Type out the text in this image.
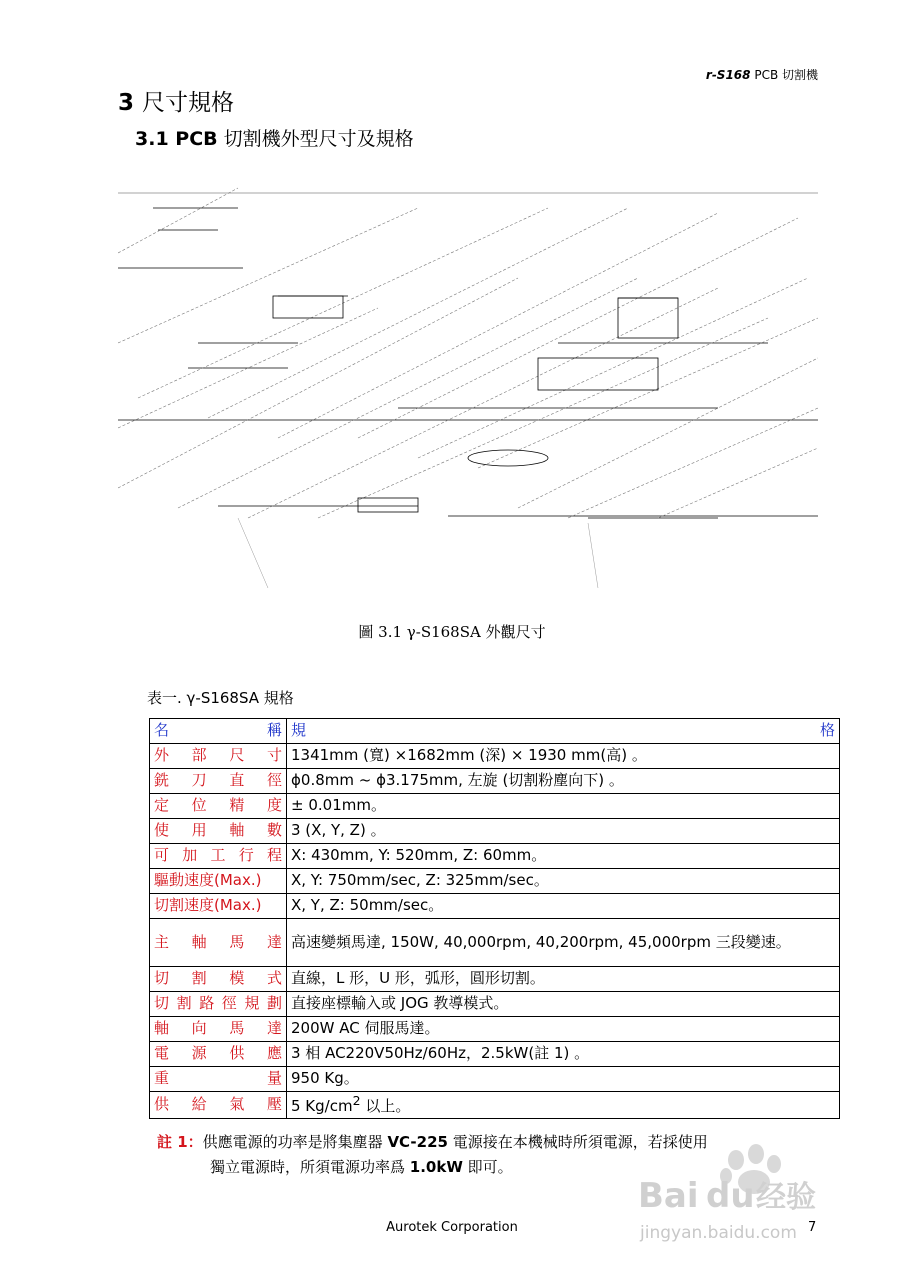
r-S168 PCB 切割機
3 尺寸規格
3.1 PCB 切割機外型尺寸及規格
圖 3.1 γ-S168SA 外觀尺寸
表一. γ-S168SA 規格
名稱	規格
外部尺寸	1341mm (寬) ×1682mm (深) × 1930 mm(高) 。
銑刀直徑	ϕ0.8mm ~ ϕ3.175mm, 左旋 (切割粉塵向下) 。
定位精度	± 0.01mm。
使用軸數	3 (X, Y, Z) 。
可加工行程	X: 430mm, Y: 520mm, Z: 60mm。
驅動速度(Max.)	X, Y: 750mm/sec, Z: 325mm/sec。
切割速度(Max.)	X, Y, Z: 50mm/sec。
主軸馬達	高速變頻馬達, 150W, 40,000rpm, 40,200rpm, 45,000rpm 三段變速。
切割模式	直線，L 形，U 形，弧形，圓形切割。
切割路徑規劃	直接座標輸入或 JOG 教導模式。
軸向馬達	200W AC 伺服馬達。
電源供應	3 相 AC220V50Hz/60Hz，2.5kW(註 1) 。
重量	950 Kg。
供給氣壓	5 $Kg/cm^2$ 以上。
註 1：供應電源的功率是將集塵器 VC-225 電源接在本機械時所須電源，若採使用
獨立電源時，所須電源功率爲 1.0kW 即可。
Aurotek Corporation	7
Bai du 经验
jingyan.baidu.com
